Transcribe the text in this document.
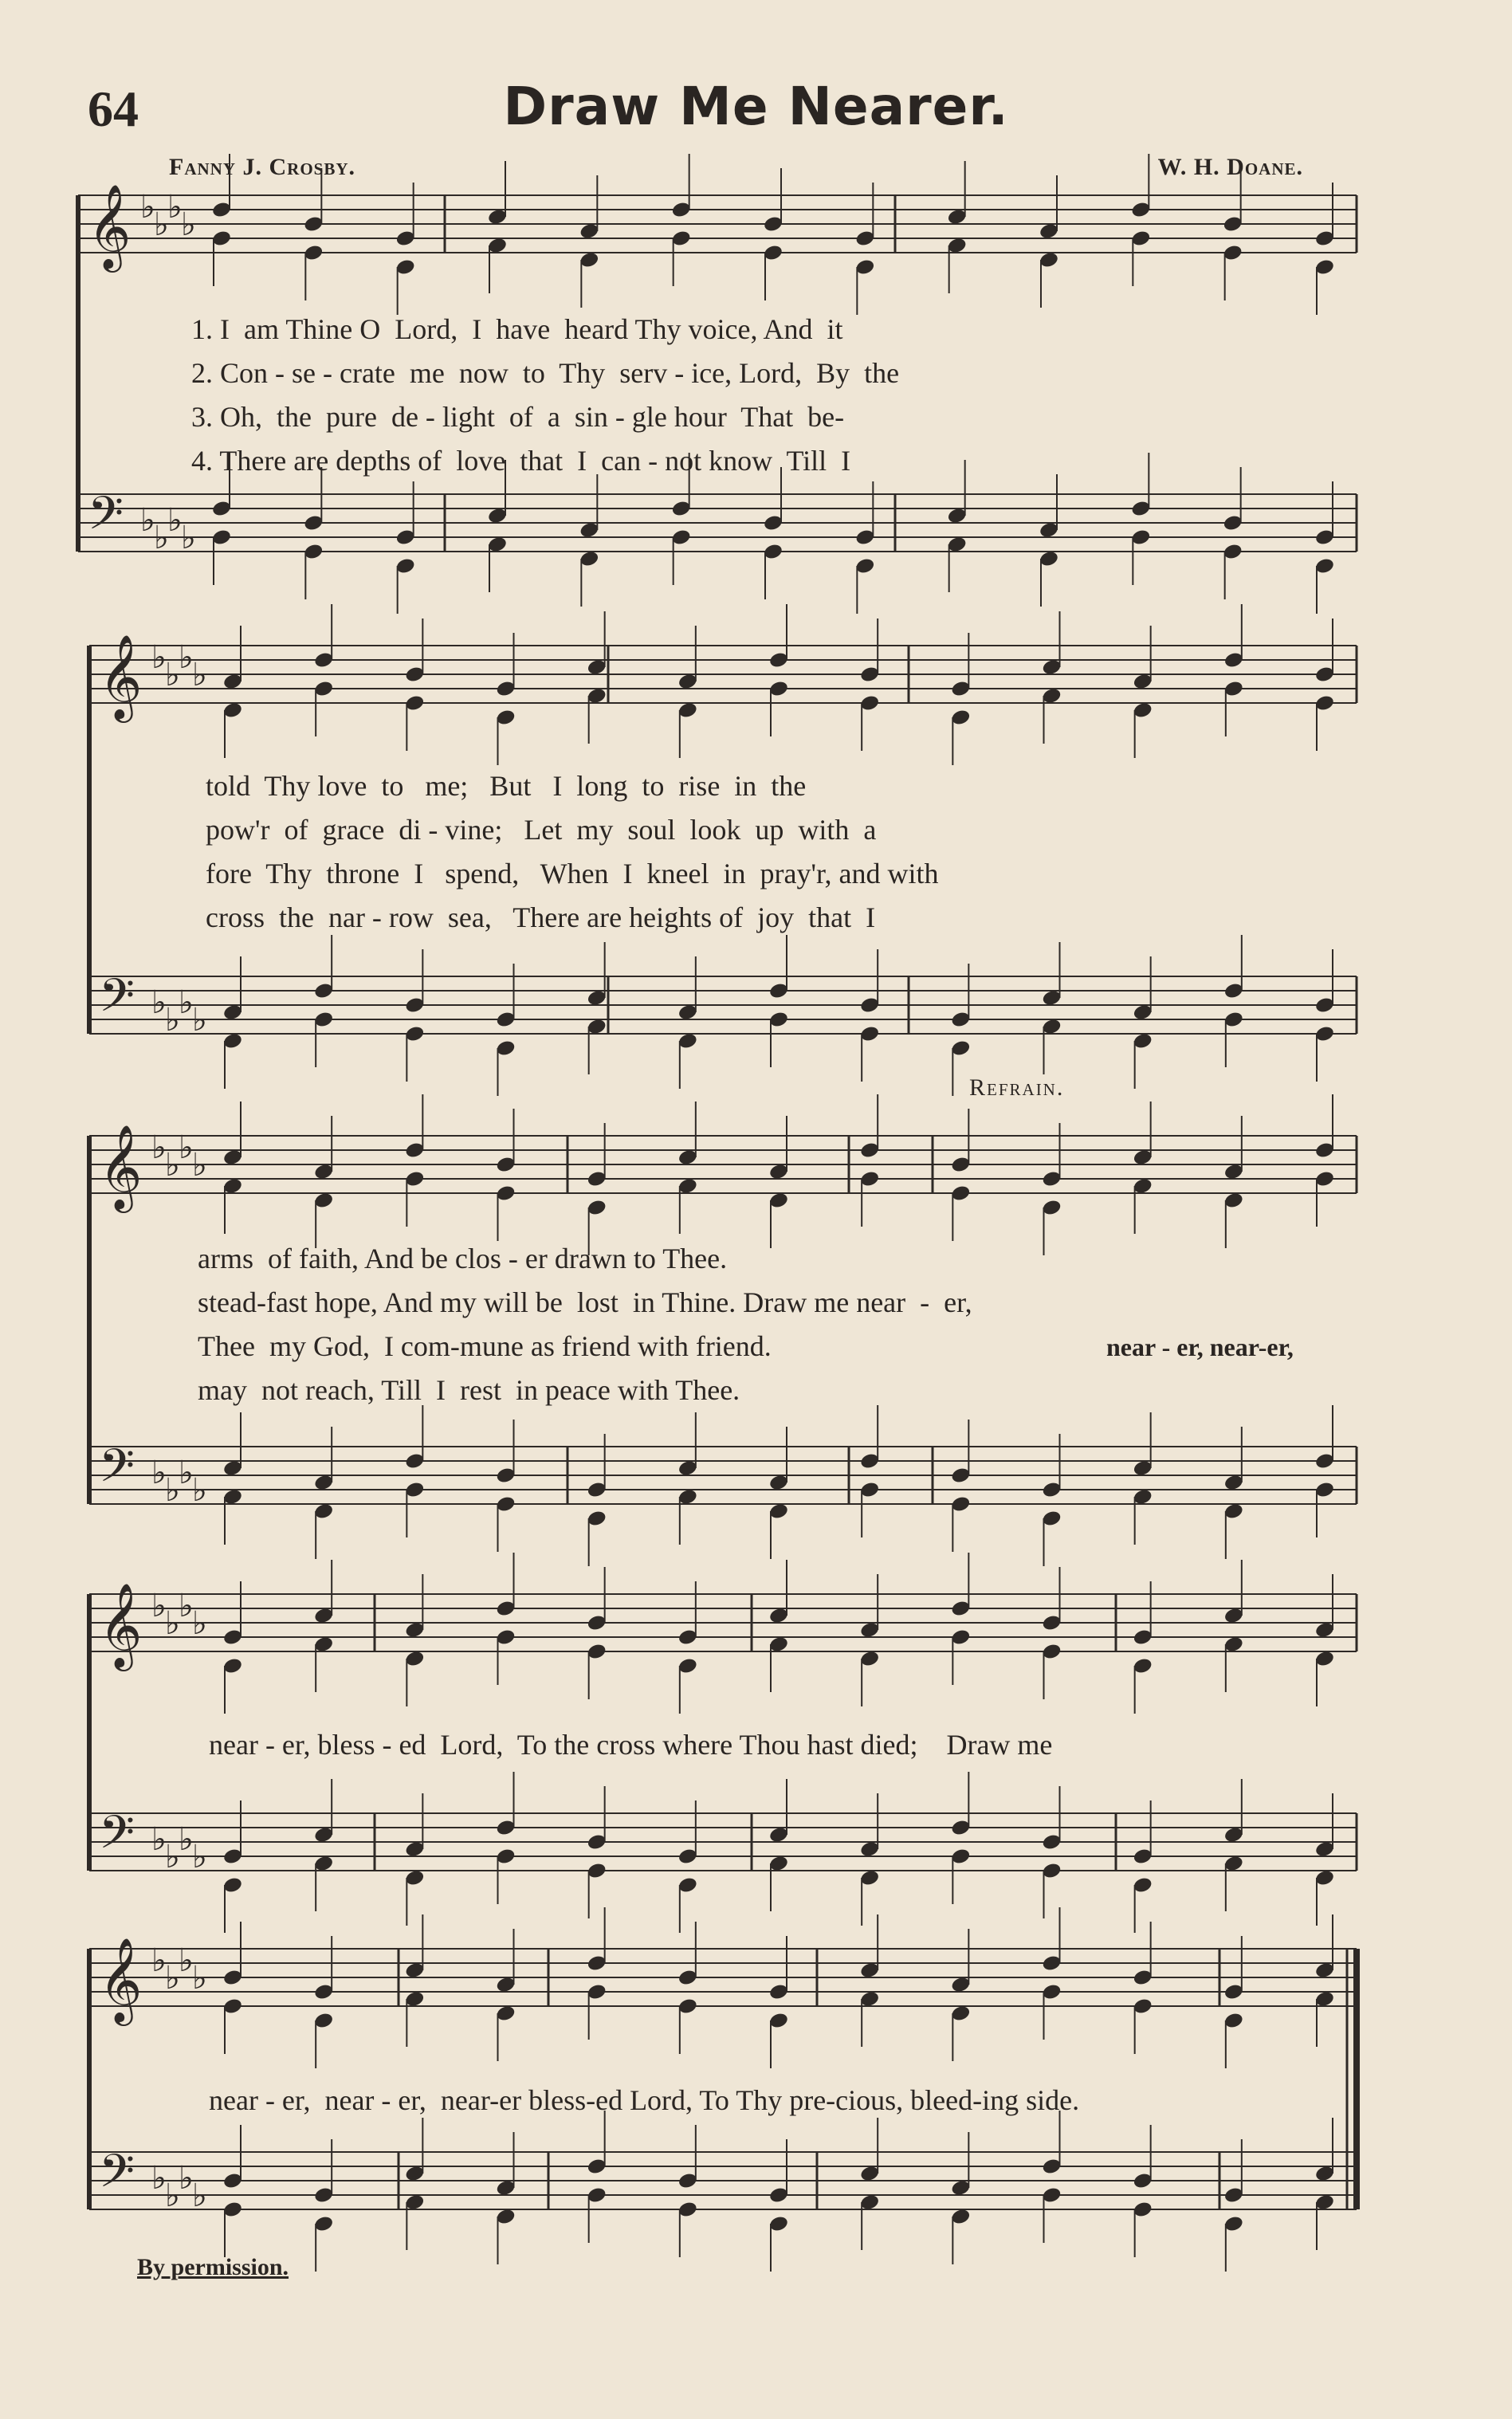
64	Draw Me Nearer.
Fanny J. Crosby.	W. H. Doane.
𝄞 ♭
♭
♭
♭
𝄢 ♭
♭
♭
♭
𝄞 ♭
♭
♭
♭
𝄢 ♭
♭
♭
♭
𝄞 ♭
♭
♭
♭
𝄢 ♭
♭
♭
♭
𝄞 ♭
♭
♭
♭
𝄢 ♭
♭
♭
♭
𝄞 ♭
♭
♭
♭
𝄢 ♭
♭
♭
♭
1. I  am Thine O  Lord,  I  have  heard Thy voice, And  it
2. Con - se - crate  me  now  to  Thy  serv - ice, Lord,  By  the
3. Oh,  the  pure  de - light  of  a  sin - gle hour  That  be-
4. There are depths of  love  that  I  can - not know  Till  I
told  Thy love  to   me;   But   I  long  to  rise  in  the
pow'r  of  grace  di - vine;   Let  my  soul  look  up  with  a
fore  Thy  throne  I   spend,   When  I  kneel  in  pray'r, and with
cross  the  nar - row  sea,   There are heights of  joy  that  I
Refrain.
arms  of faith, And be clos - er drawn to Thee.
stead-fast hope, And my will be  lost  in Thine. Draw me near  -  er,
Thee  my God,  I com-mune as friend with friend.	near - er, near-er,
may  not reach, Till  I  rest  in peace with Thee.
near - er, bless - ed  Lord,  To the cross where Thou hast died;    Draw me
near - er,  near - er,  near-er bless-ed Lord, To Thy pre-cious, bleed-ing side.
By permission.
